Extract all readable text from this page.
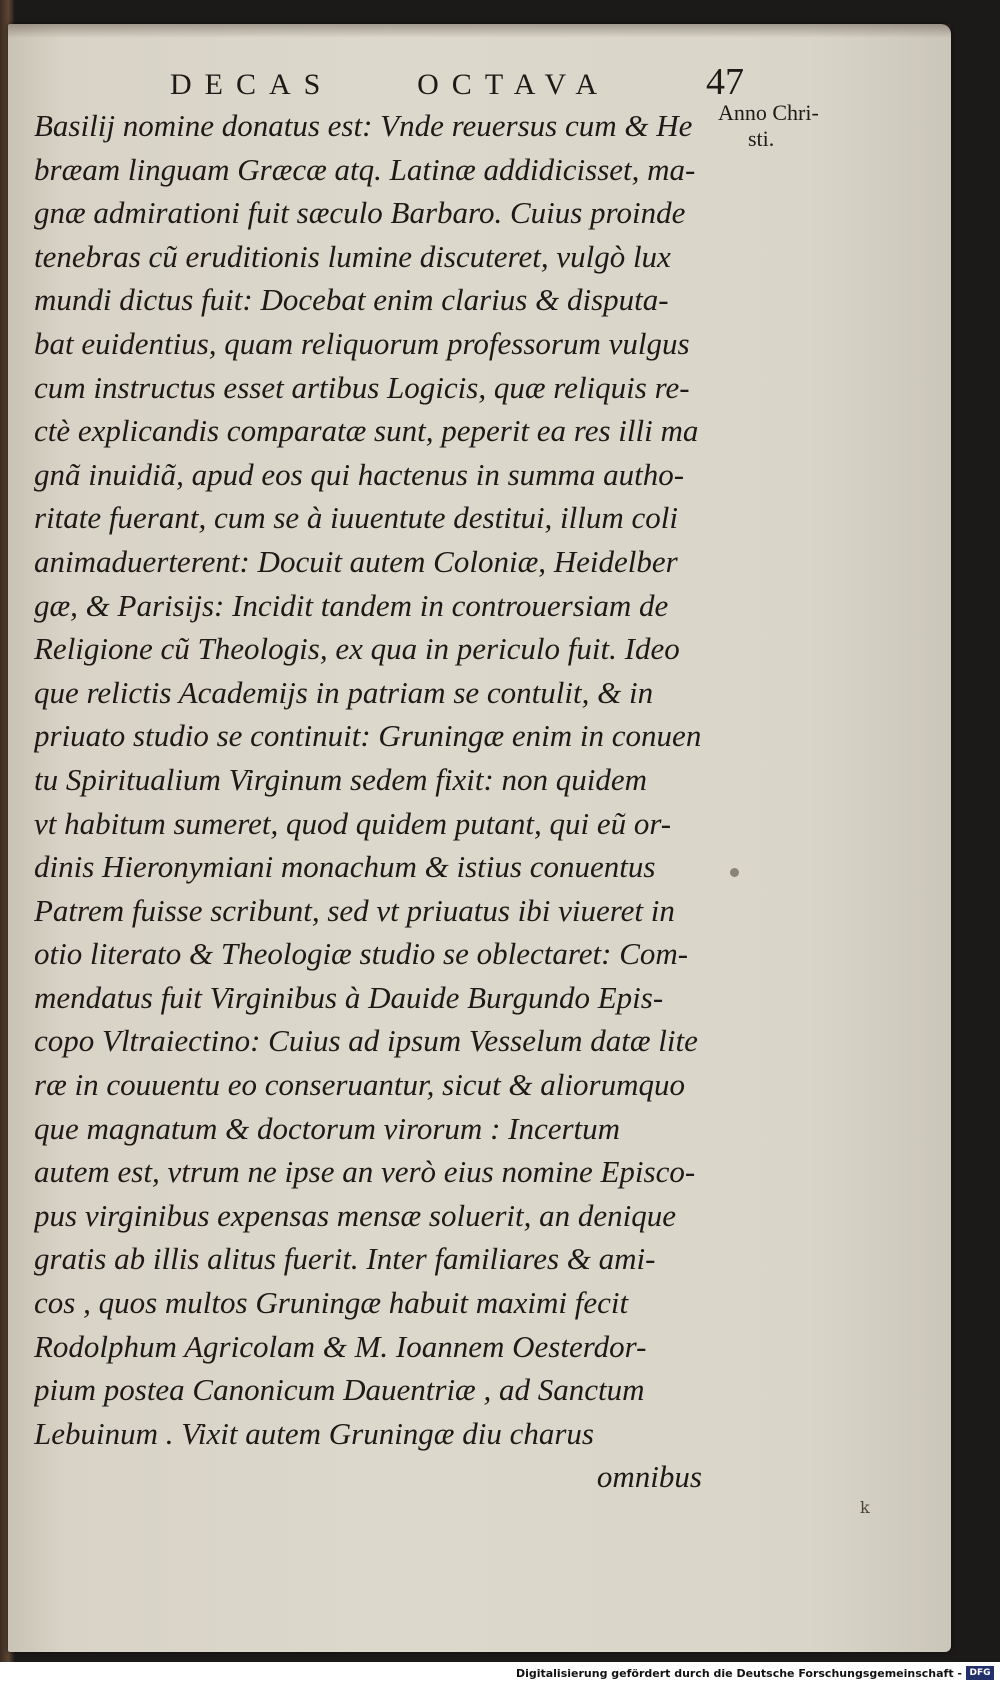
DECAS	OCTAVA	47
Anno Chri-
sti.
Basilij nomine donatus est: Vnde reuersus cum & He
bræam linguam Græcæ atq. Latinæ addidicisset, ma-
gnæ admirationi fuit sæculo Barbaro. Cuius proinde
tenebras cũ eruditionis lumine discuteret, vulgò lux
mundi dictus fuit: Docebat enim clarius & disputa-
bat euidentius, quam reliquorum professorum vulgus
cum instructus esset artibus Logicis, quæ reliquis re-
ctè explicandis comparatæ sunt, peperit ea res illi ma
gnã inuidiã, apud eos qui hactenus in summa autho-
ritate fuerant, cum se à iuuentute destitui, illum coli
animaduerterent: Docuit autem Coloniæ, Heidelber
gæ, & Parisijs: Incidit tandem in controuersiam de
Religione cũ Theologis, ex qua in periculo fuit. Ideo
que relictis Academijs in patriam se contulit, & in
priuato studio se continuit: Gruningæ enim in conuen
tu Spiritualium Virginum sedem fixit: non quidem
vt habitum sumeret, quod quidem putant, qui eũ or-
dinis Hieronymiani monachum & istius conuentus
Patrem fuisse scribunt, sed vt priuatus ibi viueret in
otio literato & Theologiæ studio se oblectaret: Com-
mendatus fuit Virginibus à Dauide Burgundo Epis-
copo Vltraiectino: Cuius ad ipsum Vesselum datæ lite
ræ in couuentu eo conseruantur, sicut & aliorumquo
que magnatum & doctorum virorum : Incertum
autem est, vtrum ne ipse an verò eius nomine Episco-
pus virginibus expensas mensæ soluerit, an denique
gratis ab illis alitus fuerit. Inter familiares & ami-
cos , quos multos Gruningæ habuit maximi fecit
Rodolphum Agricolam & M. Ioannem Oesterdor-
pium postea Canonicum Dauentriæ , ad Sanctum
Lebuinum . Vixit autem Gruningæ diu charus
omnibus
k
Digitalisierung gefördert durch die Deutsche Forschungsgemeinschaft - DFG
